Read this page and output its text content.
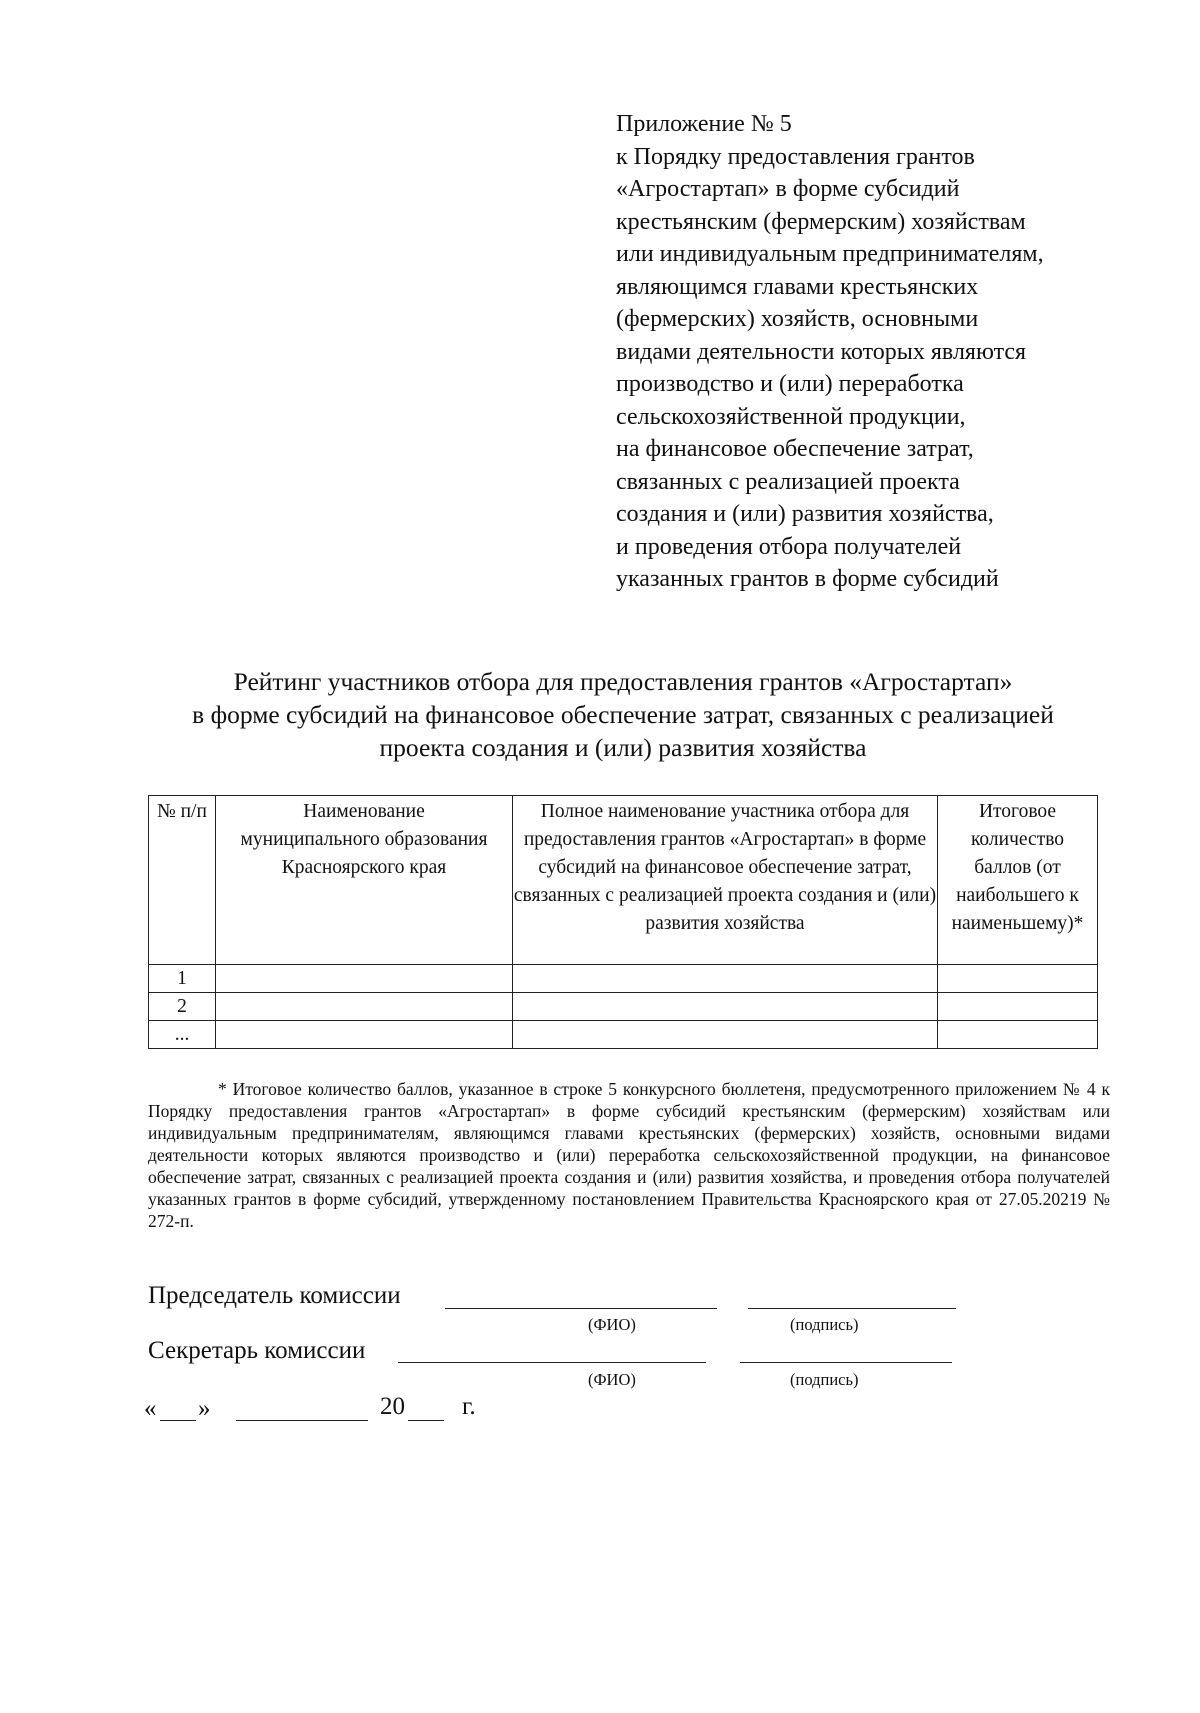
Приложение № 5
к Порядку предоставления грантов
«Агростартап» в форме субсидий
крестьянским (фермерским) хозяйствам
или индивидуальным предпринимателям,
являющимся главами крестьянских
(фермерских) хозяйств, основными
видами деятельности которых являются
производство и (или) переработка
сельскохозяйственной продукции,
на финансовое обеспечение затрат,
связанных с реализацией проекта
создания и (или) развития хозяйства,
и проведения отбора получателей
указанных грантов в форме субсидий
Рейтинг участников отбора для предоставления грантов «Агростартап»
в форме субсидий на финансовое обеспечение затрат, связанных с реализацией
проекта создания и (или) развития хозяйства
№ п/п	Наименование муниципального образования Красноярского края	Полное наименование участника отбора для предоставления грантов «Агростартап» в форме субсидий на финансовое обеспечение затрат, связанных с реализацией проекта создания и (или) развития хозяйства	Итоговое количество баллов (от наибольшего к наименьшему)*
1			
2			
...			
* Итоговое количество баллов, указанное в строке 5 конкурсного бюллетеня, предусмотренного приложением № 4 к Порядку предоставления грантов «Агростартап» в форме субсидий крестьянским (фермерским) хозяйствам или индивидуальным предпринимателям, являющимся главами крестьянских (фермерских) хозяйств, основными видами деятельности которых являются производство и (или) переработка сельскохозяйственной продукции, на финансовое обеспечение затрат, связанных с реализацией проекта создания и (или) развития хозяйства, и проведения отбора получателей указанных грантов в форме субсидий, утвержденному постановлением Правительства Красноярского края от 27.05.20219 № 272-п.
Председатель комиссии
(ФИО)	(подпись)
Секретарь комиссии
(ФИО)	(подпись)
« »	20 г.
